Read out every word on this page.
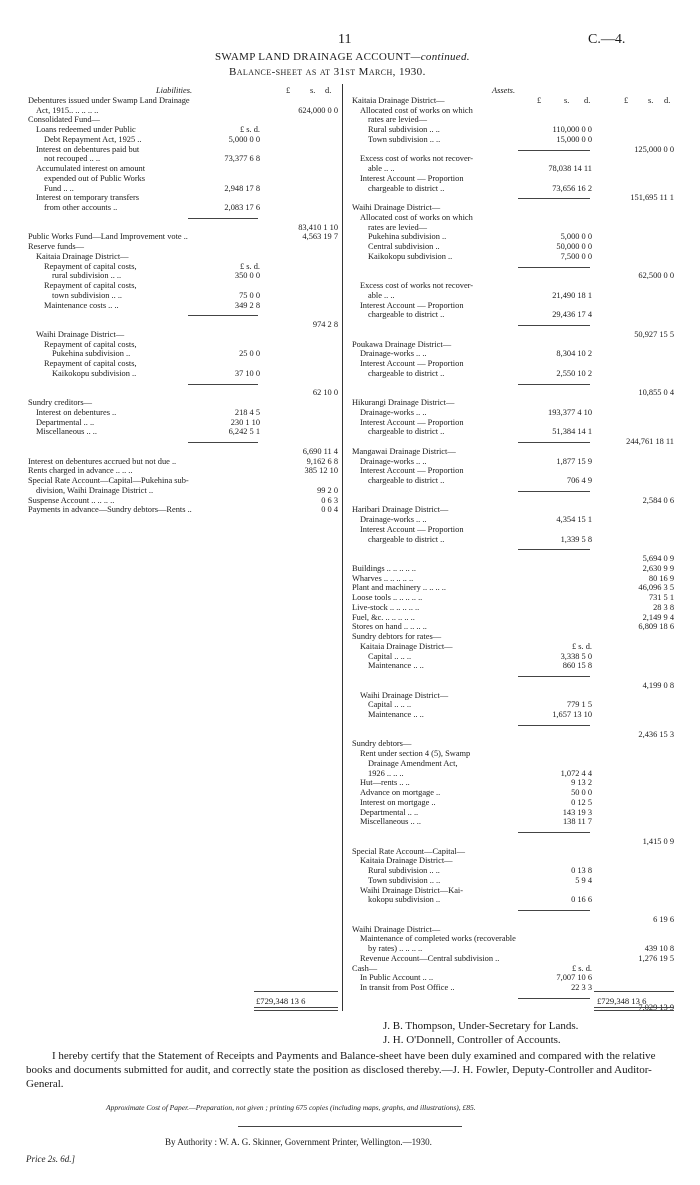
11	C.—4.
SWAMP LAND DRAINAGE ACCOUNT—continued.
Balance-sheet as at 31st March, 1930.
Liabilities.	£ s. d.
Debentures issued under Swamp Land Drainage
Act, 1915.. .. .. .. ..	624,000 0 0
Consolidated Fund—
Loans redeemed under Public	£ s. d.
Debt Repayment Act, 1925 ..	5,000 0 0
Interest on debentures paid but
not recouped .. ..	73,377 6 8
Accumulated interest on amount
expended out of Public Works
Fund .. ..	2,948 17 8
Interest on temporary transfers
from other accounts ..	2,083 17 6
83,410 1 10
Public Works Fund—Land Improvement vote ..	4,563 19 7
Reserve funds—
Kaitaia Drainage District—
Repayment of capital costs,	£ s. d.
rural subdivision .. ..	350 0 0
Repayment of capital costs,
town subdivision .. ..	75 0 0
Maintenance costs .. ..	349 2 8
974 2 8
Waihi Drainage District—
Repayment of capital costs,
Pukehina subdivision ..	25 0 0
Repayment of capital costs,
Kaikokopu subdivision ..	37 10 0
62 10 0
Sundry creditors—
Interest on debentures ..	218 4 5
Departmental .. ..	230 1 10
Miscellaneous .. ..	6,242 5 1
6,690 11 4
Interest on debentures accrued but not due ..	9,162 6 8
Rents charged in advance .. .. ..	385 12 10
Special Rate Account—Capital—Pukehina sub-
division, Waihi Drainage District ..	99 2 0
Suspense Account .. .. .. ..	0 6 3
Payments in advance—Sundry debtors—Rents ..	0 0 4
Assets.
Kaitaia Drainage District—	£	s. d.	£ s. d.
Allocated cost of works on which
rates are levied—
Rural subdivision .. ..	110,000 0 0
Town subdivision .. ..	15,000 0 0
125,000 0 0
Excess cost of works not recover-
able .. ..	78,038 14 11
Interest Account — Proportion
chargeable to district ..	73,656 16 2
151,695 11 1
Waihi Drainage District—
Allocated cost of works on which
rates are levied—
Pukehina subdivision ..	5,000 0 0
Central subdivision ..	50,000 0 0
Kaikokopu subdivision ..	7,500 0 0
62,500 0 0
Excess cost of works not recover-
able .. ..	21,490 18 1
Interest Account — Proportion
chargeable to district ..	29,436 17 4
50,927 15 5
Poukawa Drainage District—
Drainage-works .. ..	8,304 10 2
Interest Account — Proportion
chargeable to district ..	2,550 10 2
10,855 0 4
Hikurangi Drainage District—
Drainage-works .. ..	193,377 4 10
Interest Account — Proportion
chargeable to district ..	51,384 14 1
244,761 18 11
Mangawai Drainage District—
Drainage-works .. ..	1,877 15 9
Interest Account — Proportion
chargeable to district ..	706 4 9
2,584 0 6
Haribari Drainage District—
Drainage-works .. ..	4,354 15 1
Interest Account — Proportion
chargeable to district ..	1,339 5 8
5,694 0 9
Buildings .. .. .. .. ..	2,630 9 9
Wharves .. .. .. .. ..	80 16 9
Plant and machinery .. .. .. ..	46,096 3 5
Loose tools .. .. .. .. ..	731 5 1
Live-stock .. .. .. .. ..	28 3 8
Fuel, &c. .. .. .. .. ..	2,149 9 4
Stores on hand .. .. .. ..	6,809 18 6
Sundry debtors for rates—
Kaitaia Drainage District—	£ s. d.
Capital .. .. ..	3,338 5 0
Maintenance .. ..	860 15 8
4,199 0 8
Waihi Drainage District—
Capital .. .. ..	779 1 5
Maintenance .. ..	1,657 13 10
2,436 15 3
Sundry debtors—
Rent under section 4 (5), Swamp
Drainage Amendment Act,
1926 .. .. ..	1,072 4 4
Hut—rents .. ..	9 13 2
Advance on mortgage ..	50 0 0
Interest on mortgage ..	0 12 5
Departmental .. ..	143 19 3
Miscellaneous .. ..	138 11 7
1,415 0 9
Special Rate Account—Capital—
Kaitaia Drainage District—
Rural subdivision .. ..	0 13 8
Town subdivision .. ..	5 9 4
Waihi Drainage District—Kai-
kokopu subdivision ..	0 16 6
6 19 6
Waihi Drainage District—
Maintenance of completed works (recoverable
by rates) .. .. .. ..	439 10 8
Revenue Account—Central subdivision ..	1,276 19 5
Cash—	£ s. d.
In Public Account .. ..	7,007 10 6
In transit from Post Office ..	22 3 3
7,029 13 9
£729,348 13 6	£729,348 13 6
J. B. Thompson, Under-Secretary for Lands.
J. H. O'Donnell, Controller of Accounts.
I hereby certify that the Statement of Receipts and Payments and Balance-sheet have been duly examined and compared with the relative books and documents submitted for audit, and correctly state the position as disclosed thereby.—J. H. Fowler, Deputy-Controller and Auditor-General.
Approximate Cost of Paper.—Preparation, not given ; printing 675 copies (including maps, graphs, and illustrations), £85.
By Authority : W. A. G. Skinner, Government Printer, Wellington.—1930.
Price 2s. 6d.]
